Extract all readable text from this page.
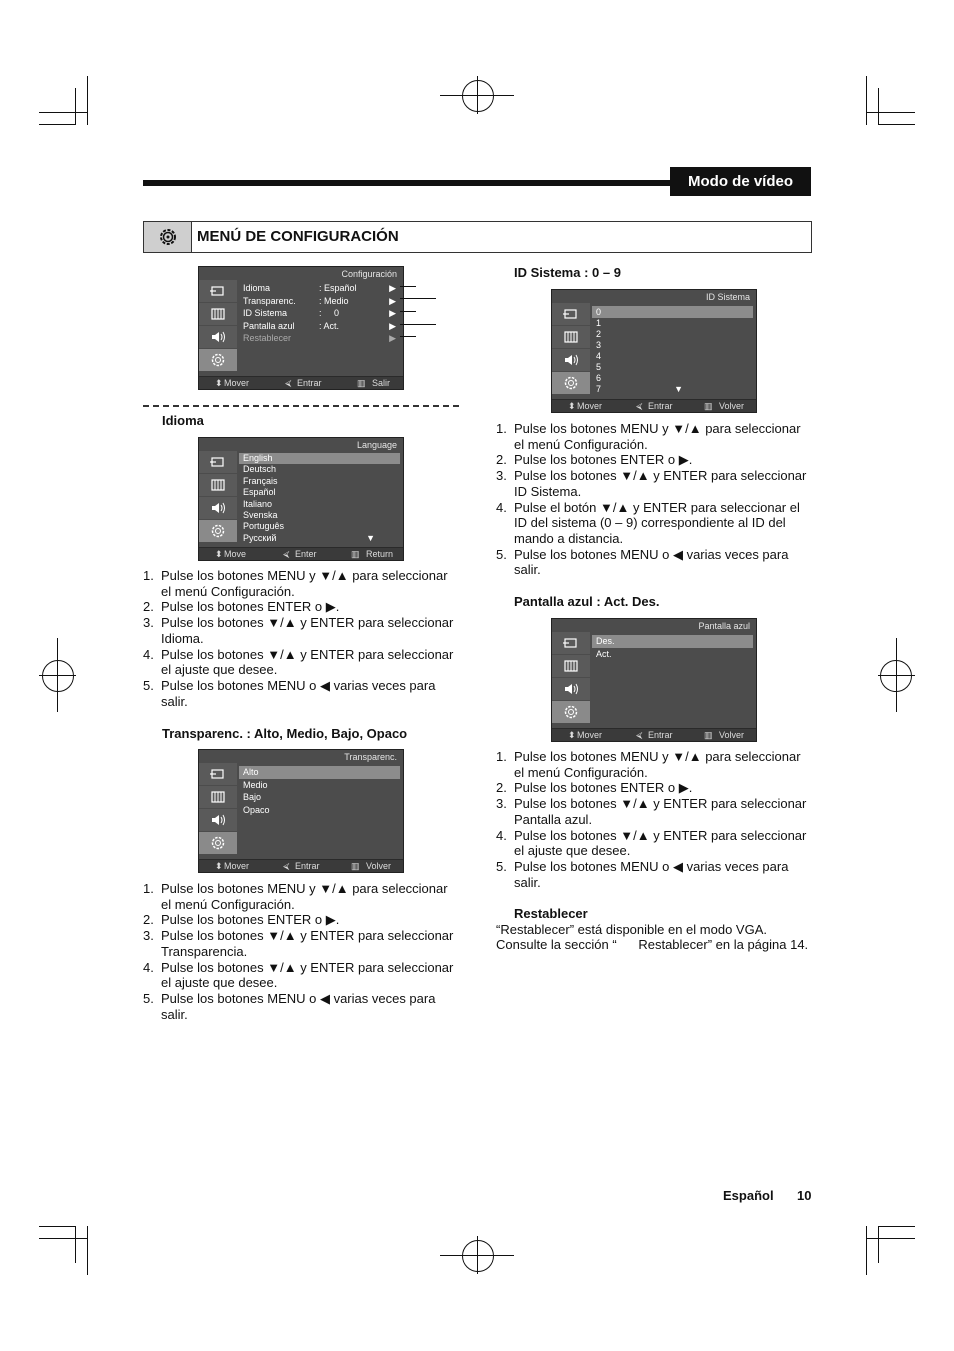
Modo de vídeo
MENÚ DE CONFIGURACIÓN
Configuración
Idioma	: Español	▶
Transparenc.	: Medio	▶
ID Sistema	:     0	▶
Pantalla azul	: Act.	▶
Restablecer	▶
⬍ Mover	⮘ Entrar	▥ Salir
Idioma
Language
English
Deutsch
Français
Español
Italiano
Svenska
Português
Русский	▼
⬍ Move	⮘ Enter	▥ Return
1. Pulse los botones MENU y ▼/▲ para seleccionar
el menú Configuración.
2. Pulse los botones ENTER o ▶.
3. Pulse los botones ▼/▲ y ENTER para seleccionar
Idioma.
4. Pulse los botones ▼/▲ y ENTER para seleccionar
el ajuste que desee.
5. Pulse los botones MENU o ◀ varias veces para
salir.
Transparenc. : Alto, Medio, Bajo, Opaco
Transparenc.
Alto
Medio
Bajo
Opaco
⬍ Mover	⮘ Entrar	▥ Volver
1. Pulse los botones MENU y ▼/▲ para seleccionar
el menú Configuración.
2. Pulse los botones ENTER o ▶.
3. Pulse los botones ▼/▲ y ENTER para seleccionar
Transparencia.
4. Pulse los botones ▼/▲ y ENTER para seleccionar
el ajuste que desee.
5. Pulse los botones MENU o ◀ varias veces para
salir.
ID Sistema : 0 – 9
ID Sistema
0
1
2
3
4
5
6
7	▼
⬍ Mover	⮘ Entrar	▥ Volver
1. Pulse los botones MENU y ▼/▲ para seleccionar
el menú Configuración.
2. Pulse los botones ENTER o ▶.
3. Pulse los botones ▼/▲ y ENTER para seleccionar
ID Sistema.
4. Pulse el botón ▼/▲ y ENTER para seleccionar el
ID del sistema (0 – 9) correspondiente al ID del
mando a distancia.
5. Pulse los botones MENU o ◀ varias veces para
salir.
Pantalla azul : Act. Des.
Pantalla azul
Des.
Act.
⬍ Mover	⮘ Entrar	▥ Volver
1. Pulse los botones MENU y ▼/▲ para seleccionar
el menú Configuración.
2. Pulse los botones ENTER o ▶.
3. Pulse los botones ▼/▲ y ENTER para seleccionar
Pantalla azul.
4. Pulse los botones ▼/▲ y ENTER para seleccionar
el ajuste que desee.
5. Pulse los botones MENU o ◀ varias veces para
salir.
Restablecer
“Restablecer” está disponible en el modo VGA.
Consulte la sección “      Restablecer” en la página 14.
Español 10
